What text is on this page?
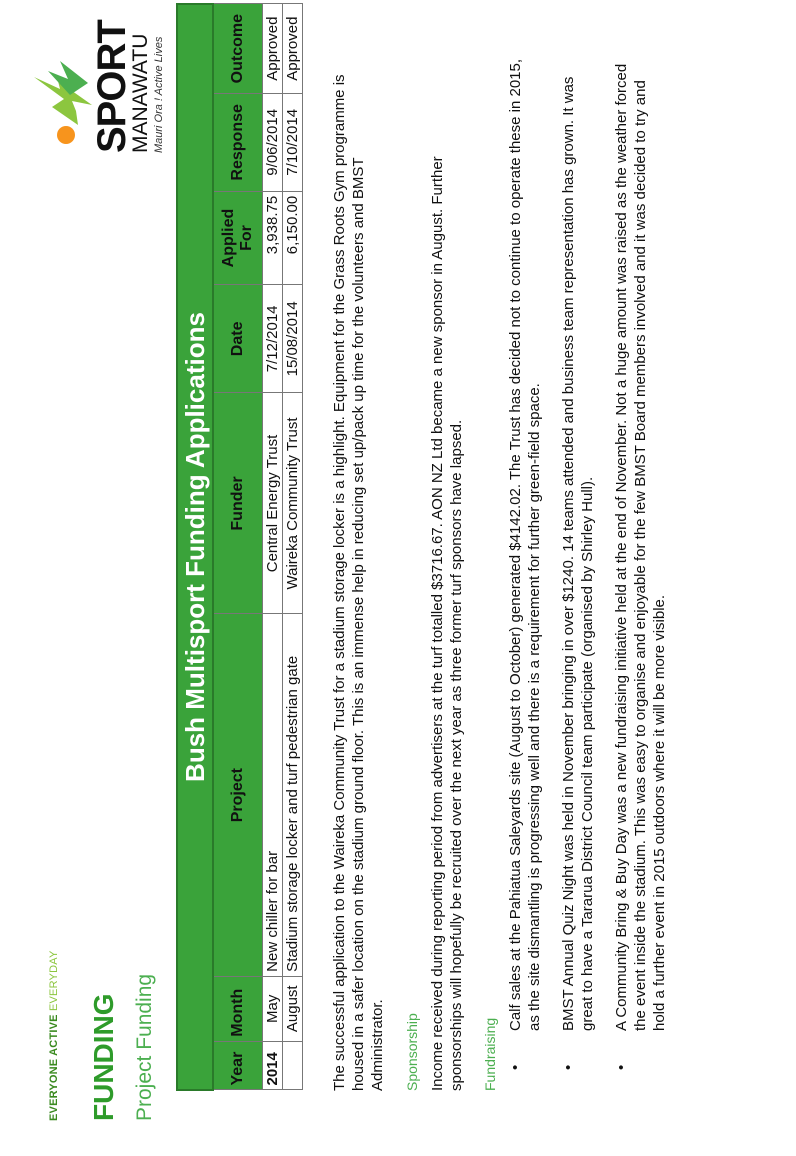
EVERYONE ACTIVE EVERYDAY
FUNDING Project Funding
SPORT
MANAWATU Mauri Ora ! Active Lives
Bush Multisport Funding Applications							
Year	Month	Project	Funder	Date	Applied For	Response	Outcome
2014	May	New chiller for bar	Central Energy Trust	7/12/2014	3,938.75	9/06/2014	Approved
	August	Stadium storage locker and turf pedestrian gate	Waireka Community Trust	15/08/2014	6,150.00	7/10/2014	Approved
The successful application to the Waireka Community Trust for a stadium storage locker is a highlight. Equipment for the Grass Roots Gym programme is housed in a safer location on the stadium ground floor. This is an immense help in reducing set up/pack up time for the volunteers and BMST Administrator. Sponsorship Income received during reporting period from advertisers at the turf totalled $3716.67. AON NZ Ltd became a new sponsor in August. Further sponsorships will hopefully be recruited over the next year as three former turf sponsors have lapsed. Fundraising •
Calf sales at the Pahiatua Saleyards site (August to October) generated $4142.02. The Trust has decided not to continue to operate these in 2015, as the site dismantling is progressing well and there is a requirement for further green-field space.
•
BMST Annual Quiz Night was held in November bringing in over $1240. 14 teams attended and business team representation has grown. It was great to have a Tararua District Council team participate (organised by Shirley Hull).
•
A Community Bring & Buy Day was a new fundraising initiative held at the end of November. Not a huge amount was raised as the weather forced the event inside the stadium. This was easy to organise and enjoyable for the few BMST Board members involved and it was decided to try and hold a further event in 2015 outdoors where it will be more visible.
